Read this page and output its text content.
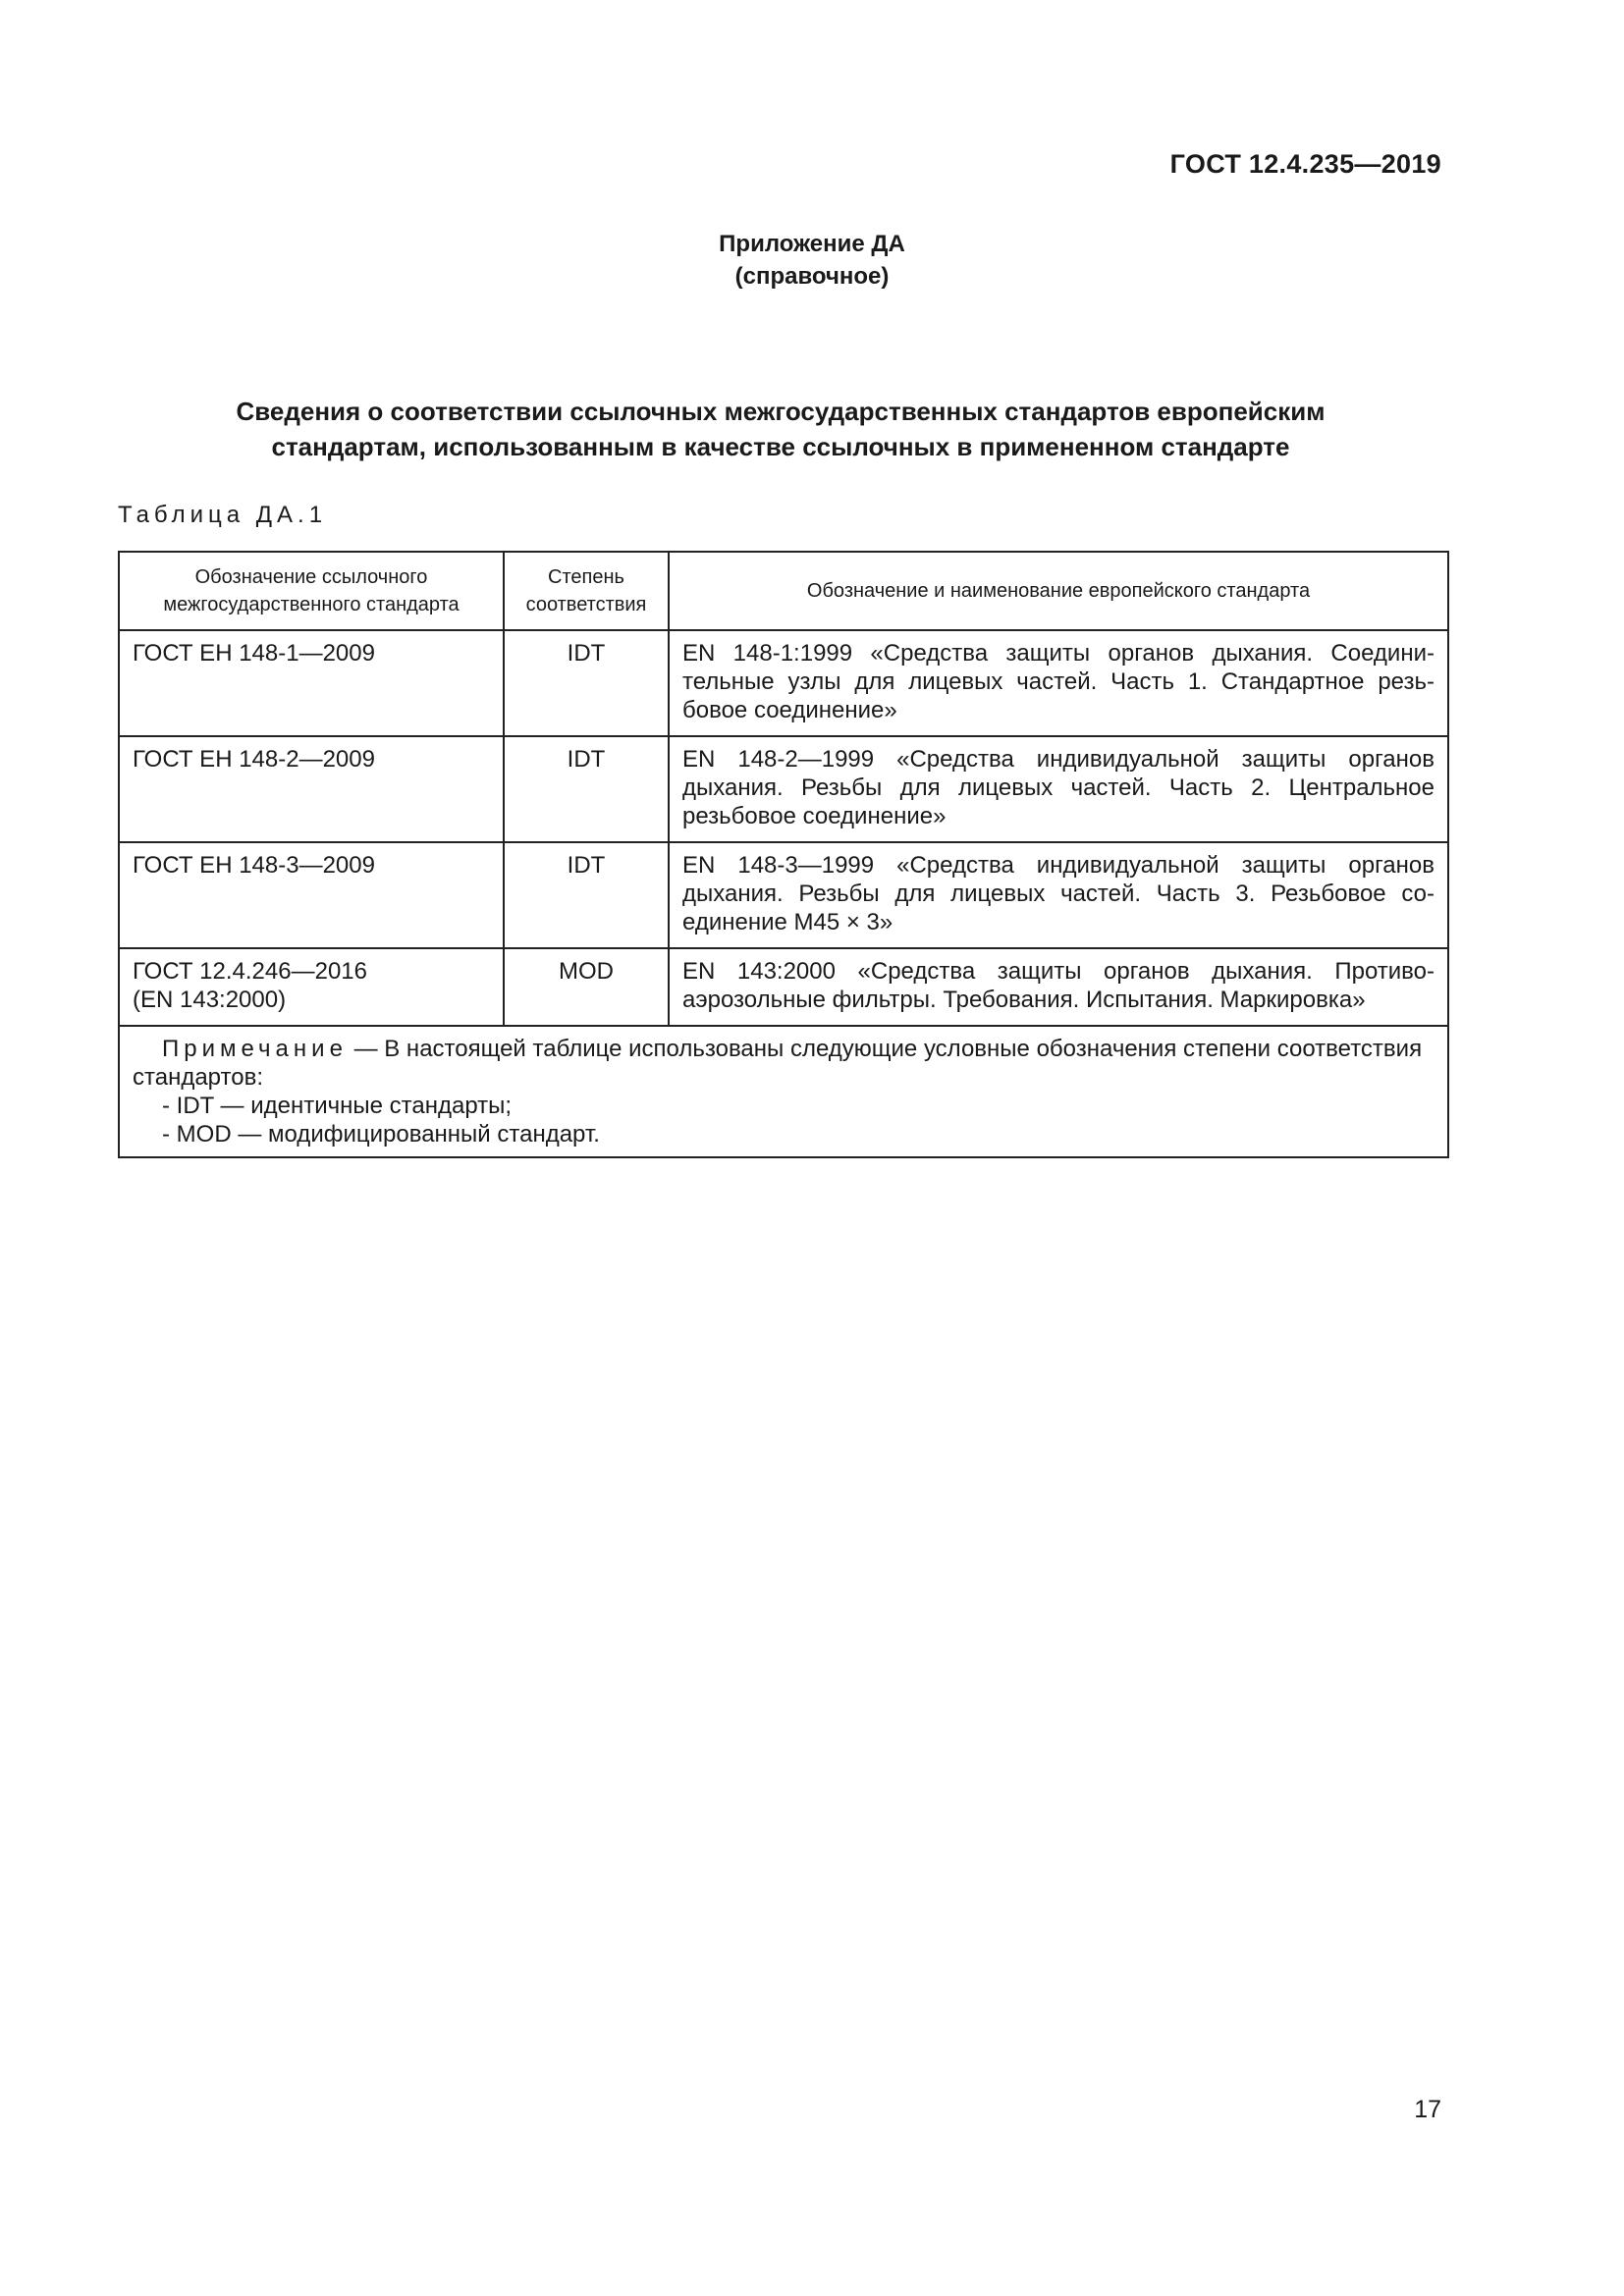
ГОСТ 12.4.235—2019
Приложение ДА
(справочное)
Сведения о соответствии ссылочных межгосударственных стандартов европейским
стандартам, использованным в качестве ссылочных в примененном стандарте
Таблица ДА.1
Обозначение ссылочного межгосударственного стандарта	Степень соответствия	Обозначение и наименование европейского стандарта
ГОСТ ЕН 148-1—2009	IDT	EN 148-1:1999 «Средства защиты органов дыхания. Соединительные узлы для лицевых частей. Часть 1. Стандартное резьбовое соединение»
ГОСТ ЕН 148-2—2009	IDT	EN 148-2—1999 «Средства индивидуальной защиты органов дыхания. Резьбы для лицевых частей. Часть 2. Центральное резьбовое соединение»
ГОСТ ЕН 148-3—2009	IDT	EN 148-3—1999 «Средства индивидуальной защиты органов дыхания. Резьбы для лицевых частей. Часть 3. Резьбовое соединение М45 × 3»

ГОСТ 12.4.246—2016
(EN 143:2000)	MOD	EN 143:2000 «Средства защиты органов дыхания. Противоаэрозольные фильтры. Требования. Испытания. Маркировка»

Примечание — В настоящей таблице использованы следующие условные обозначения степени соответствия стандартов:
- IDT — идентичные стандарты;
- MOD — модифицированный стандарт.		
17
